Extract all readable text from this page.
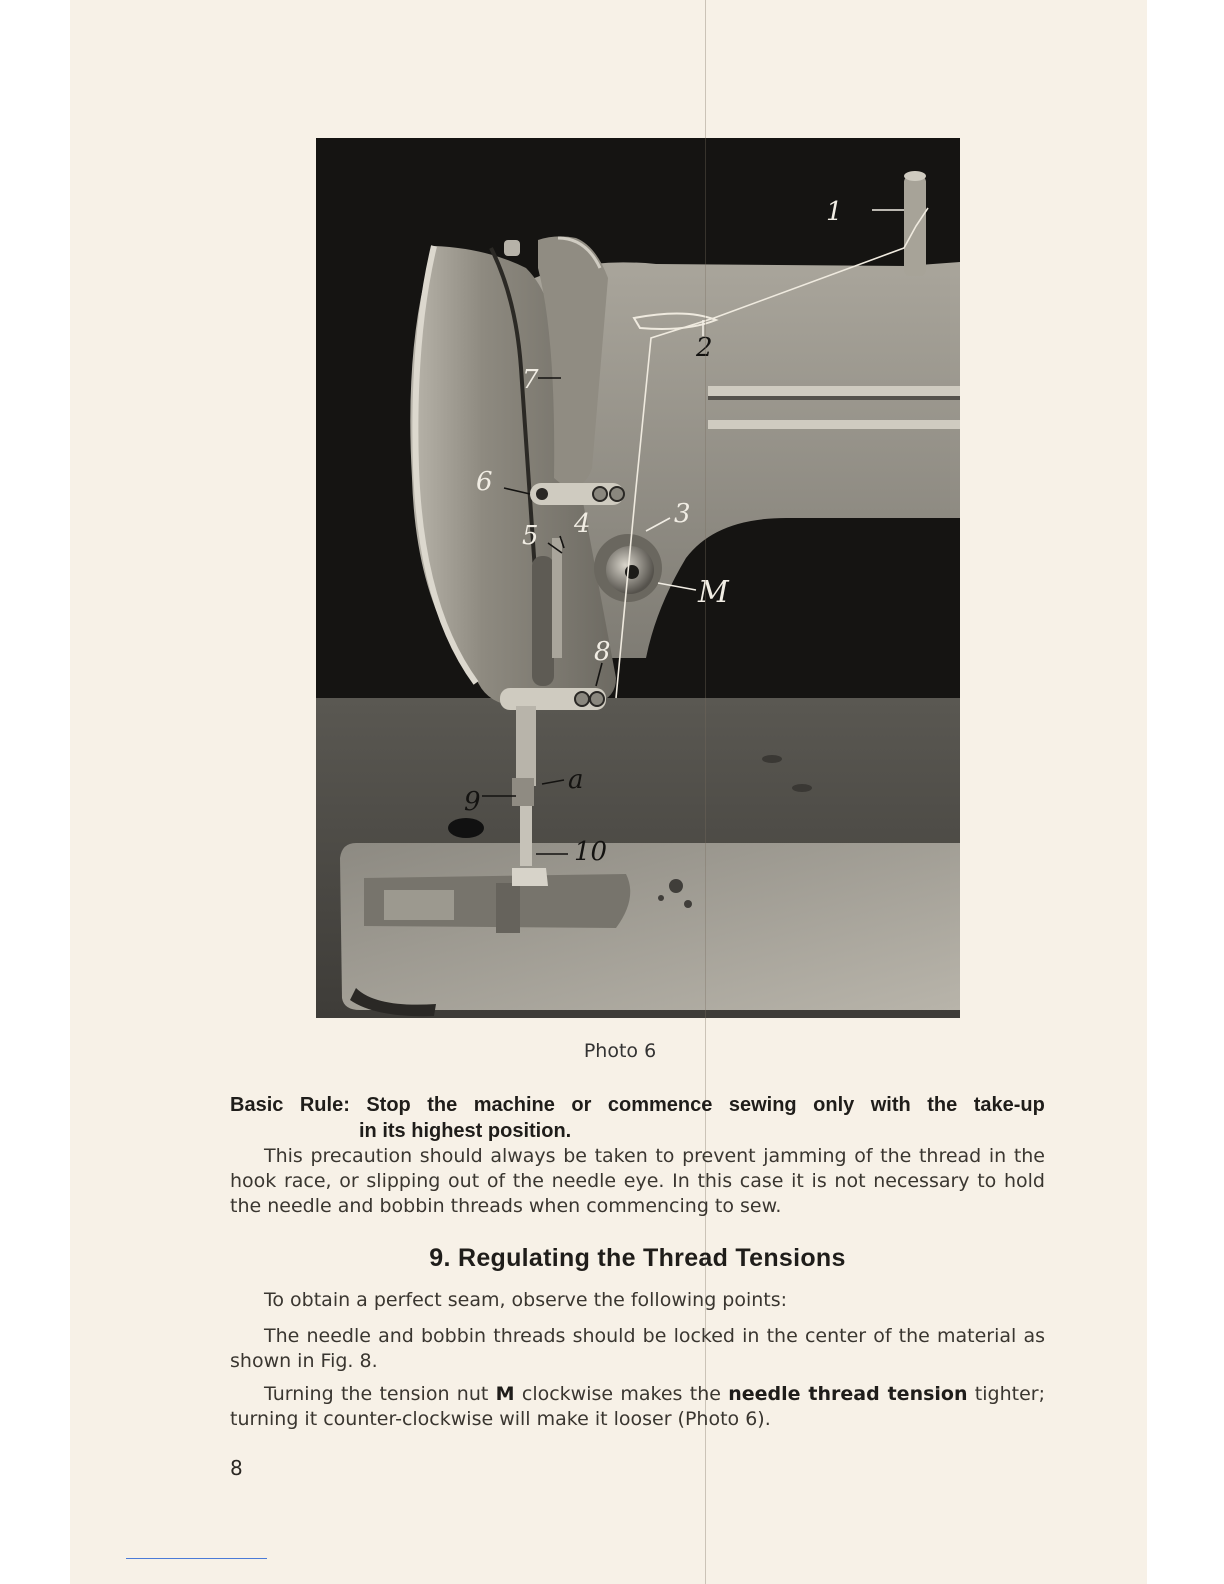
1
2
3
4
5
6
7
8
9
10
M
a
Photo 6
Basic Rule: Stop the machine or commence sewing only with the take-up
in its highest position.
This precaution should always be taken to prevent jamming of the thread in the hook race, or slipping out of the needle eye. In this case it is not necessary to hold the needle and bobbin threads when commencing to sew.
9. Regulating the Thread Tensions
To obtain a perfect seam, observe the following points:
The needle and bobbin threads should be locked in the center of the material as shown in Fig. 8.
Turning the tension nut M clockwise makes the needle thread tension tighter; turning it counter-clockwise will make it looser (Photo 6).
8
